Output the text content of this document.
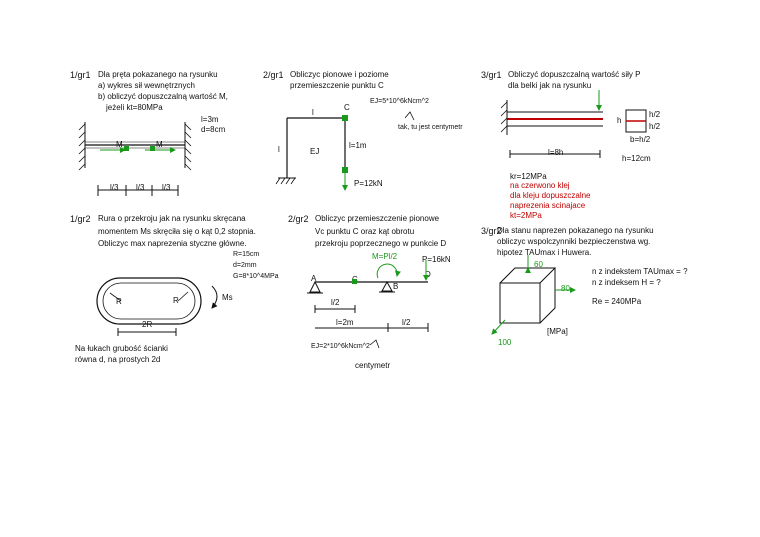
1/gr1 Dla pręta pokazanego na rysunku
a) wykres sił wewnętrznych
b) obliczyć dopuszczalną wartość M,
jeżeli kt=80MPa
l=3m
d=8cm
M	M
l/3 l/3 l/3
2/gr1 Obliczyc pionowe i poziome
przemieszczenie punktu C
EJ=5*10^6kNcm^2
tak, tu jest centymetr
l
C
l	EJ
l=1m
P=12kN
3/gr1 Obliczyć dopuszczalną wartość siły P
dla belki jak na rysunku
h
h/2
h/2
b=h/2
l=8h
h=12cm
kr=12MPa
na czerwono klej
dla kleju dopuszczalne
naprezenia scinajace
kt=2MPa
1/gr2 Rura o przekroju jak na rysunku skręcana
momentem Ms skręciła się o kąt 0,2 stopnia.
Obliczyc max naprezenia styczne główne.
R=15cm
d=2mm
G=8*10^4MPa
R	R	Ms
2R
Na łukach grubość ścianki
równa d, na prostych 2d
2/gr2 Obliczyc przemieszczenie pionowe
Vc punktu C oraz kąt obrotu
przekroju poprzecznego w punkcie D
M=Pl/2	P=16kN
A
B
D
l/2
l=2m	l/2
EJ=2*10^6kNcm^2
centymetr
3/gr2
Dla stanu naprezen pokazanego na rysunku
obliczyc wspolczynniki bezpieczenstwa wg.
hipotez TAUmax i Huwera.
60
80
100
[MPa]
n z indekstem TAUmax = ?
n z indeksem H = ?
Re = 240MPa
